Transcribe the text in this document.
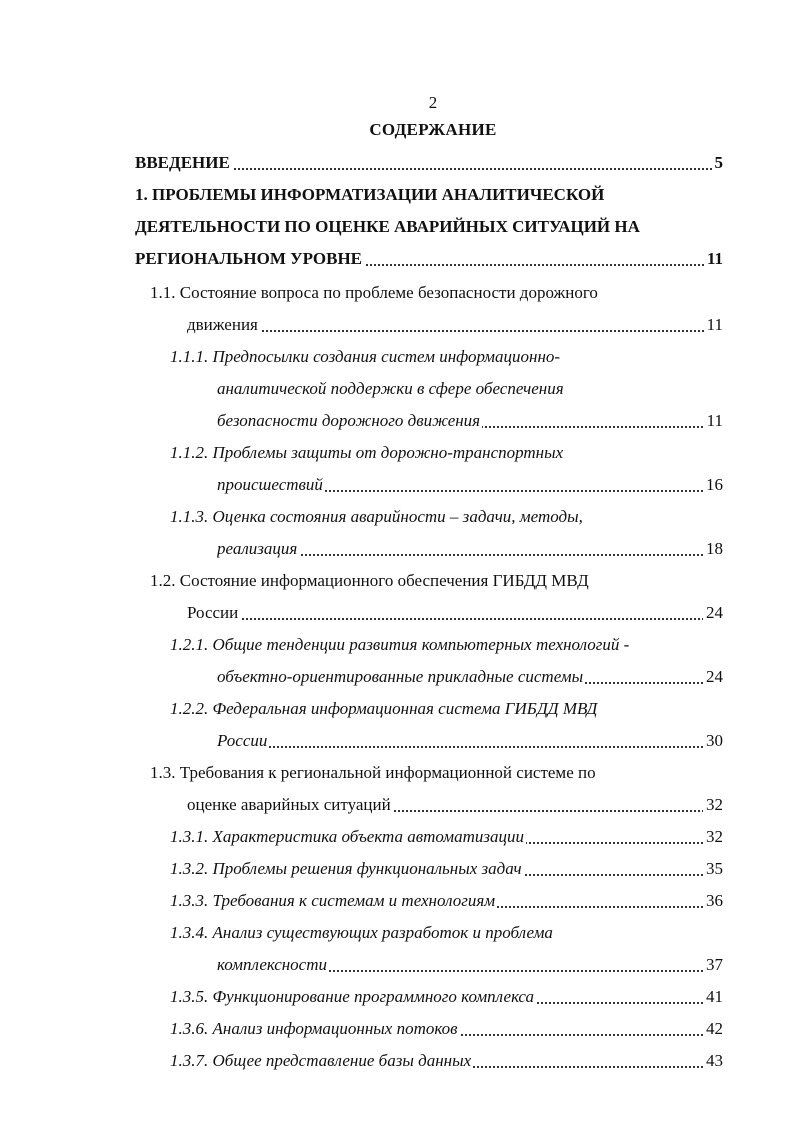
2
СОДЕРЖАНИЕ
ВВЕДЕНИЕ	5
1. ПРОБЛЕМЫ ИНФОРМАТИЗАЦИИ АНАЛИТИЧЕСКОЙ
ДЕЯТЕЛЬНОСТИ ПО ОЦЕНКЕ АВАРИЙНЫХ СИТУАЦИЙ НА
РЕГИОНАЛЬНОМ УРОВНЕ	11
1.1. Состояние вопроса по проблеме безопасности дорожного
движения	11
1.1.1. Предпосылки создания систем информационно-
аналитической поддержки в сфере обеспечения
безопасности дорожного движения	11
1.1.2. Проблемы защиты от дорожно-транспортных
происшествий	16
1.1.3. Оценка состояния аварийности – задачи, методы,
реализация	18
1.2. Состояние информационного обеспечения ГИБДД МВД
России	24
1.2.1. Общие тенденции развития компьютерных технологий -
объектно-ориентированные прикладные системы	24
1.2.2. Федеральная информационная система ГИБДД МВД
России	30
1.3. Требования к региональной информационной системе по
оценке аварийных ситуаций	32
1.3.1. Характеристика объекта автоматизации	32
1.3.2. Проблемы решения функциональных задач	35
1.3.3. Требования к системам и технологиям	36
1.3.4. Анализ существующих разработок и проблема
комплексности	37
1.3.5. Функционирование программного комплекса	41
1.3.6. Анализ информационных потоков	42
1.3.7. Общее представление базы данных	43
